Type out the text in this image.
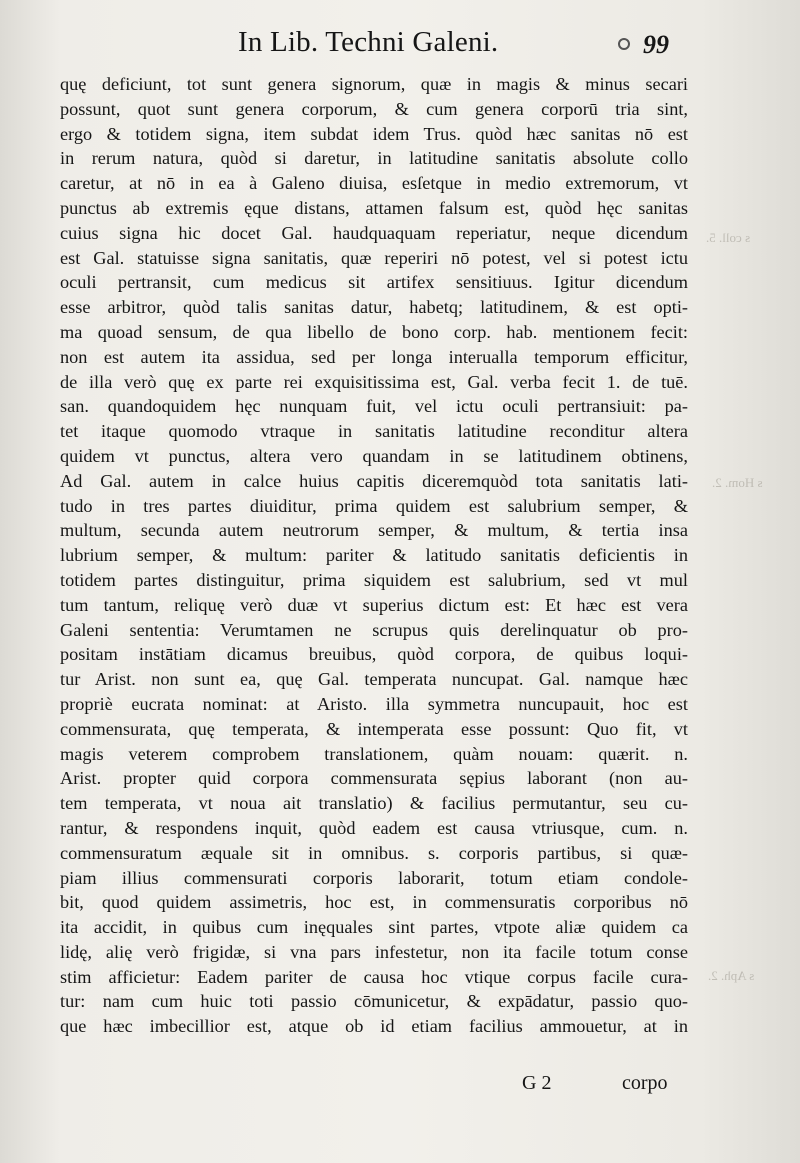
s coll. 5.
s Hom. 2.
s Aph. 2.
In Lib. Techni Galeni.	99
quę deficiunt, tot sunt genera signorum, quæ in magis & minus secari
possunt, quot sunt genera corporum, & cum genera corporū tria sint,
ergo & totidem signa, item subdat idem Trus. quòd hæc sanitas nō est
in rerum natura, quòd si daretur, in latitudine sanitatis absolute collo
caretur, at nō in ea à Galeno diuisa, esſetque in medio extremorum, vt
punctus ab extremis ęque distans, attamen falsum est, quòd hęc sanitas
cuius signa hic docet Gal. haudquaquam reperiatur, neque dicendum
est Gal. statuisse signa sanitatis, quæ reperiri nō potest, vel si potest ictu
oculi pertransit, cum medicus sit artifex sensitiuus. Igitur dicendum
esse arbitror, quòd talis sanitas datur, habetq; latitudinem, & est opti-
ma quoad sensum, de qua libello de bono corp. hab. mentionem fecit:
non est autem ita assidua, sed per longa interualla temporum efficitur,
de illa verò quę ex parte rei exquisitissima est, Gal. verba fecit 1. de tuē.
san. quandoquidem hęc nunquam fuit, vel ictu oculi pertransiuit: pa-
tet itaque quomodo vtraque in sanitatis latitudine reconditur altera
quidem vt punctus, altera vero quandam in se latitudinem obtinens,
Ad Gal. autem in calce huius capitis diceremquòd tota sanitatis lati-
tudo in tres partes diuiditur, prima quidem est salubrium semper, &
multum, secunda autem neutrorum semper, & multum, & tertia insa
lubrium semper, & multum: pariter & latitudo sanitatis deficientis in
totidem partes distinguitur, prima siquidem est salubrium, sed vt mul
tum tantum, reliquę verò duæ vt superius dictum est: Et hæc est vera
Galeni sententia: Verumtamen ne scrupus quis derelinquatur ob pro-
positam instātiam dicamus breuibus, quòd corpora, de quibus loqui-
tur Arist. non sunt ea, quę Gal. temperata nuncupat. Gal. namque hæc
propriè eucrata nominat: at Aristo. illa symmetra nuncupauit, hoc est
commensurata, quę temperata, & intemperata esse possunt: Quo fit, vt
magis veterem comprobem translationem, quàm nouam: quærit. n.
Arist. propter quid corpora commensurata sępius laborant (non au-
tem temperata, vt noua ait translatio) & facilius permutantur, seu cu-
rantur, & respondens inquit, quòd eadem est causa vtriusque, cum. n.
commensuratum æquale sit in omnibus. s. corporis partibus, si quæ-
piam illius commensurati corporis laborarit, totum etiam condole-
bit, quod quidem assimetris, hoc est, in commensuratis corporibus nō
ita accidit, in quibus cum inęquales sint partes, vtpote aliæ quidem ca
lidę, alię verò frigidæ, si vna pars infestetur, non ita facile totum conse
stim afficietur: Eadem pariter de causa hoc vtique corpus facile cura-
tur: nam cum huic toti passio cōmunicetur, & expādatur, passio quo-
que hæc imbecillior est, atque ob id etiam facilius ammouetur, at in
G 2	corpo
